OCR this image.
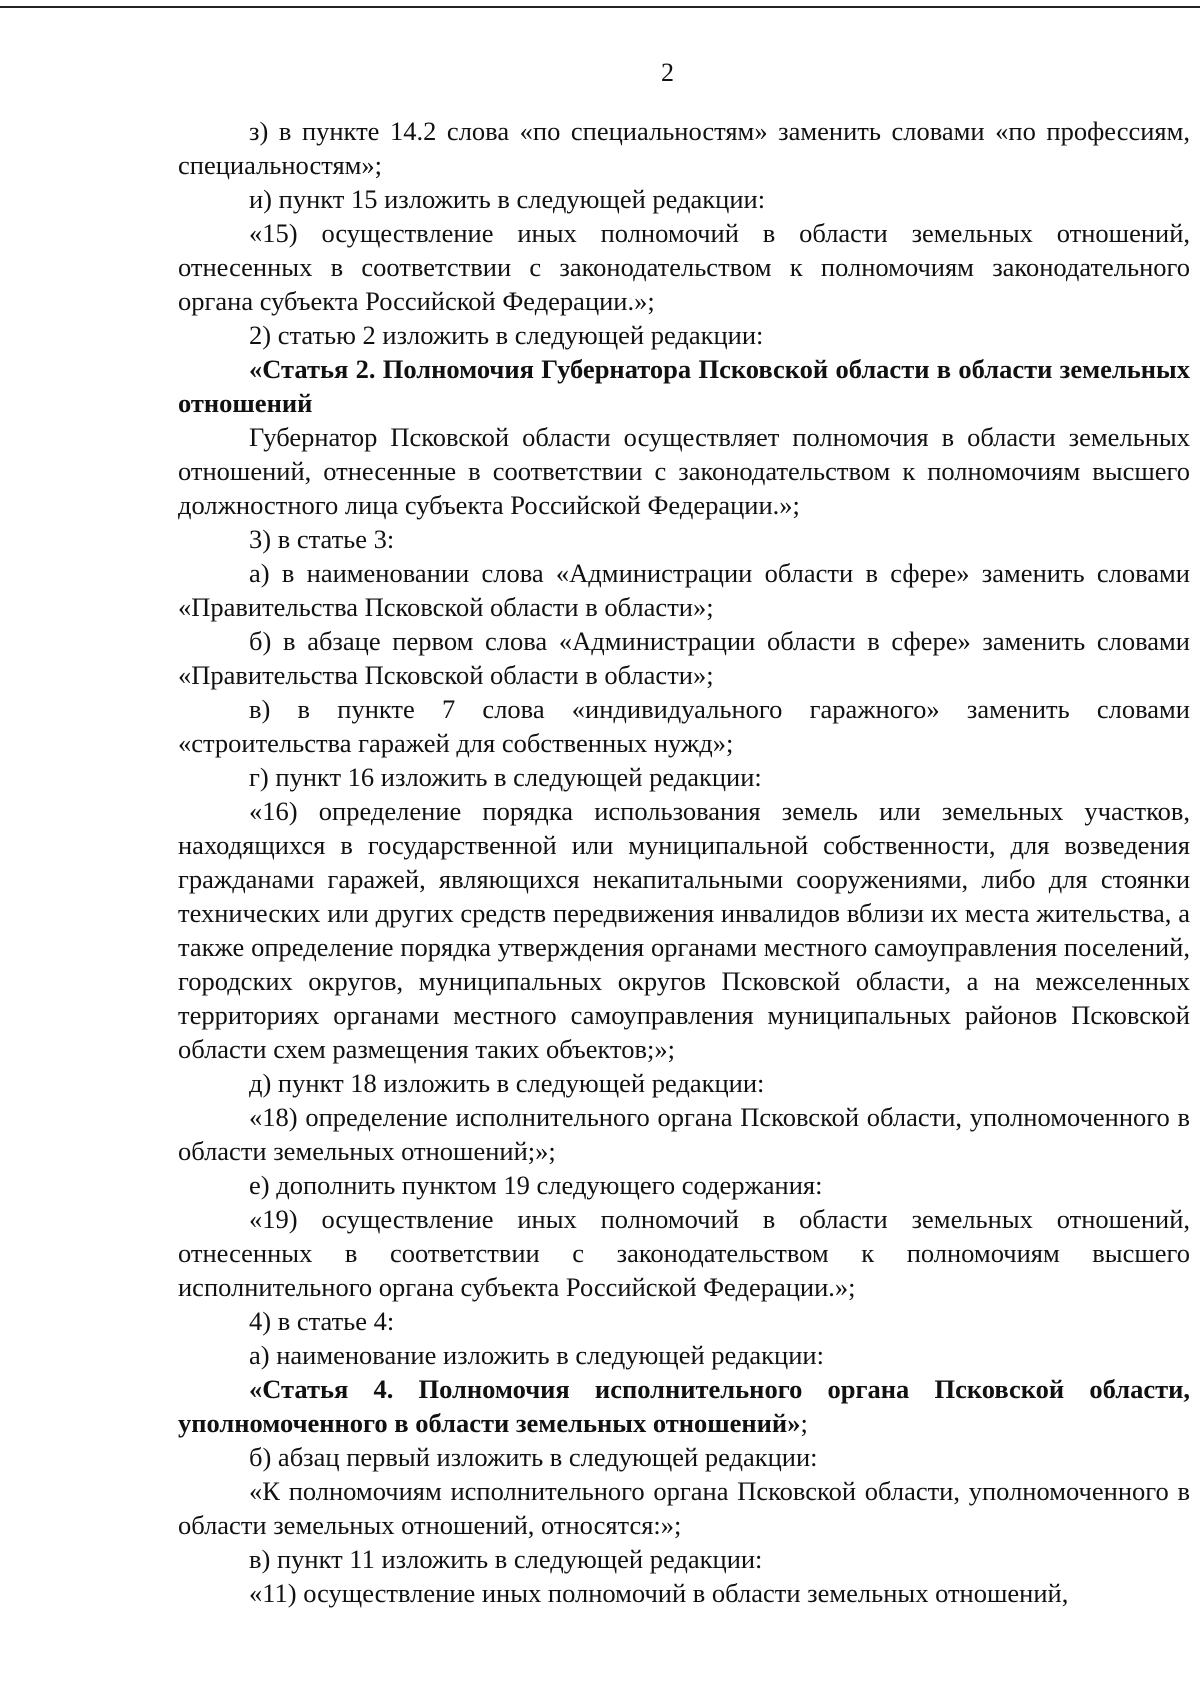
2

з) в пункте 14.2 слова «по специальностям» заменить словами «по профессиям, специальностям»;

и) пункт 15 изложить в следующей редакции:

«15) осуществление иных полномочий в области земельных отношений, отнесенных в соответствии с законодательством к полномочиям законодательного органа субъекта Российской Федерации.»;

2) статью 2 изложить в следующей редакции:

«Статья 2. Полномочия Губернатора Псковской области в области земельных отношений

Губернатор Псковской области осуществляет полномочия в области земельных отношений, отнесенные в соответствии с законодательством к полномочиям высшего должностного лица субъекта Российской Федерации.»;

3) в статье 3:

а) в наименовании слова «Администрации области в сфере» заменить словами «Правительства Псковской области в области»;

б) в абзаце первом слова «Администрации области в сфере» заменить словами «Правительства Псковской области в области»;

в) в пункте 7 слова «индивидуального гаражного» заменить словами «строительства гаражей для собственных нужд»;

г) пункт 16 изложить в следующей редакции:

«16) определение порядка использования земель или земельных участков, находящихся в государственной или муниципальной собственности, для возведения гражданами гаражей, являющихся некапитальными сооружениями, либо для стоянки технических или других средств передвижения инвалидов вблизи их места жительства, а также определение порядка утверждения органами местного самоуправления поселений, городских округов, муниципальных округов Псковской области, а на межселенных территориях органами местного самоуправления муниципальных районов Псковской области схем размещения таких объектов;»;

д) пункт 18 изложить в следующей редакции:

«18) определение исполнительного органа Псковской области, уполномоченного в области земельных отношений;»;

е) дополнить пунктом 19 следующего содержания:

«19) осуществление иных полномочий в области земельных отношений, отнесенных в соответствии с законодательством к полномочиям высшего исполнительного органа субъекта Российской Федерации.»;

4) в статье 4:

а) наименование изложить в следующей редакции:

«Статья 4. Полномочия исполнительного органа Псковской области, уполномоченного в области земельных отношений»;

б) абзац первый изложить в следующей редакции:

«К полномочиям исполнительного органа Псковской области, уполномоченного в области земельных отношений, относятся:»;

в) пункт 11 изложить в следующей редакции:

«11) осуществление иных полномочий в области земельных отношений,
